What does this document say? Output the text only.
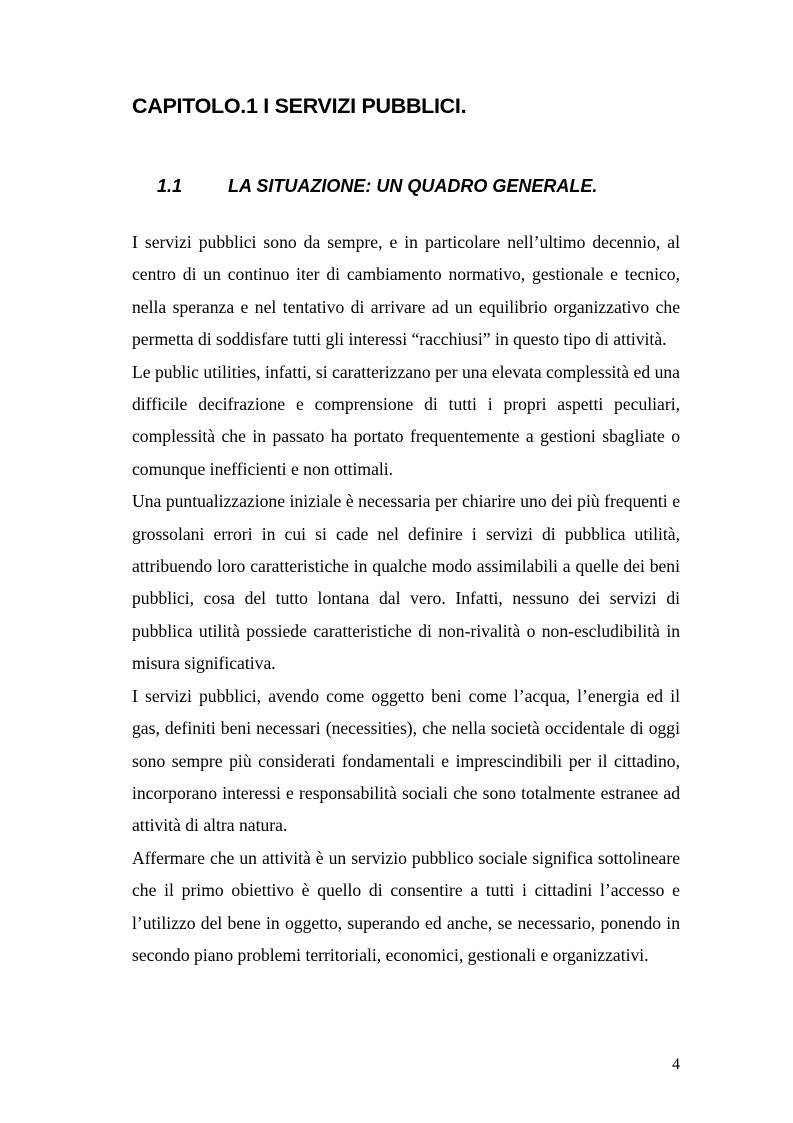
CAPITOLO.1 I SERVIZI PUBBLICI.
1.1	LA SITUAZIONE: UN QUADRO GENERALE.

I servizi pubblici sono da sempre, e in particolare nell’ultimo decennio, al centro di un continuo iter di cambiamento normativo, gestionale e tecnico, nella speranza e nel tentativo di arrivare ad un equilibrio organizzativo che permetta di soddisfare tutti gli interessi “racchiusi” in questo tipo di attività.

Le public utilities, infatti, si caratterizzano per una elevata complessità ed una difficile decifrazione e comprensione di tutti i propri aspetti peculiari, complessità che in passato ha portato frequentemente a gestioni sbagliate o comunque inefficienti e non ottimali.

Una puntualizzazione iniziale è necessaria per chiarire uno dei più frequenti e grossolani errori in cui si cade nel definire i servizi di pubblica utilità, attribuendo loro caratteristiche in qualche modo assimilabili a quelle dei beni pubblici, cosa del tutto lontana dal vero. Infatti, nessuno dei servizi di pubblica utilità possiede caratteristiche di non-rivalità o non-escludibilità in misura significativa.

I servizi pubblici, avendo come oggetto beni come l’acqua, l’energia ed il gas, definiti beni necessari (necessities), che nella società occidentale di oggi sono sempre più considerati fondamentali e imprescindibili per il cittadino, incorporano interessi e responsabilità sociali che sono totalmente estranee ad attività di altra natura.

Affermare che un attività è un servizio pubblico sociale significa sottolineare che il primo obiettivo è quello di consentire a tutti i cittadini l’accesso e l’utilizzo del bene in oggetto, superando ed anche, se necessario, ponendo in secondo piano problemi territoriali, economici, gestionali e organizzativi.

4
